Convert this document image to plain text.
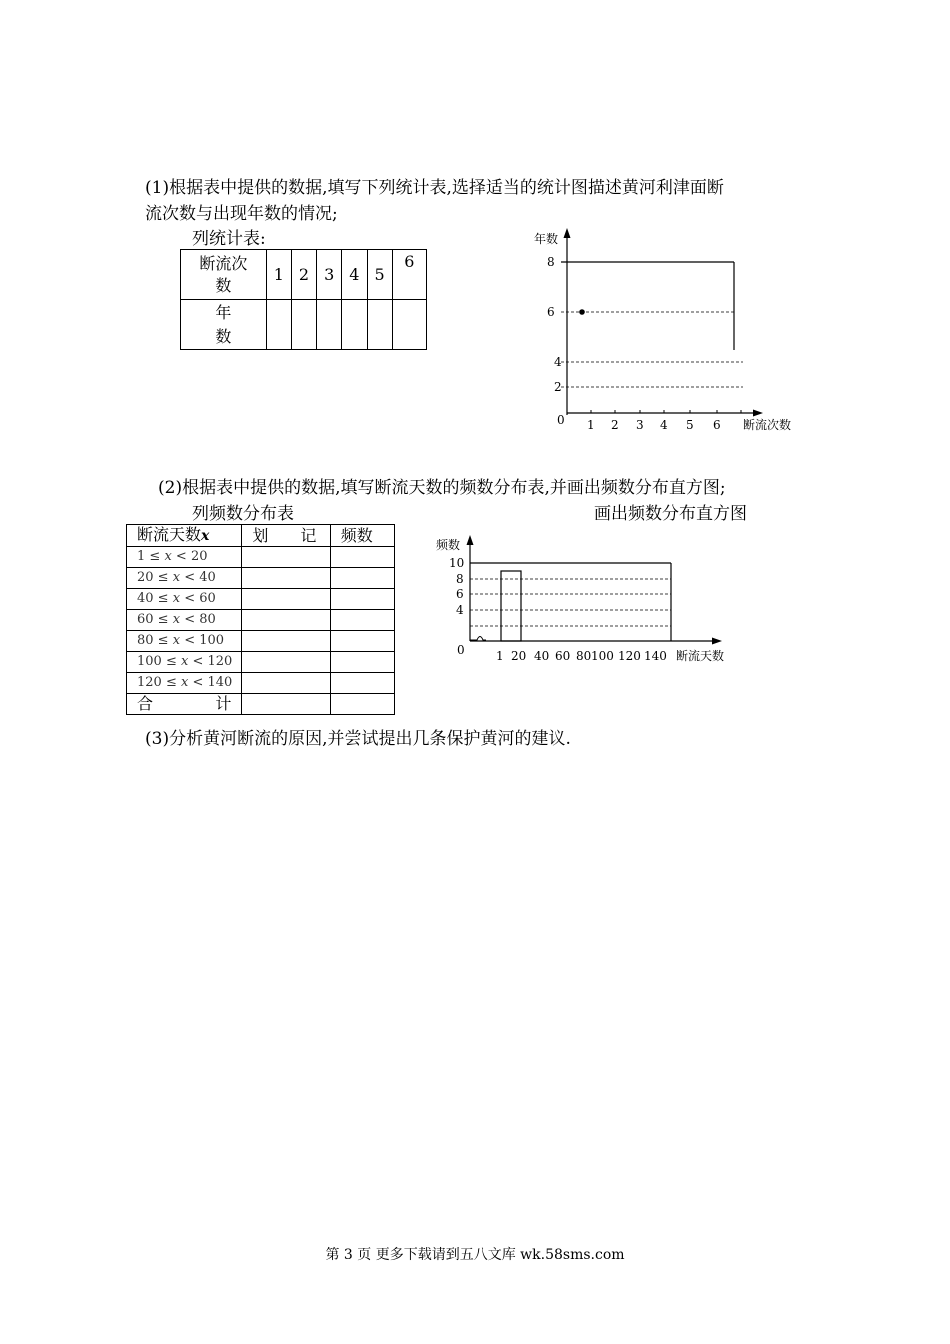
(1)根据表中提供的数据,填写下列统计表,选择适当的统计图描述黄河利津面断
流次数与出现年数的情况;
列统计表:
断流次
数	1	2	3	4	5	6
年
数						
年数
8
6
4
2
0 1 2 3 4 5 6 断流次数
(2)根据表中提供的数据,填写断流天数的频数分布表,并画出频数分布直方图;
列频数分布表	画出频数分布直方图
断流天数x	划　　记	频数
1 ≤ x < 20		
20 ≤ x < 40		
40 ≤ x < 60		
60 ≤ x < 80		
80 ≤ x < 100		
100 ≤ x < 120		
120 ≤ x < 140		
合 计		

频数
10
8
6
4
0	1 20 40 60 80 100 120 140 断流天数
(3)分析黄河断流的原因,并尝试提出几条保护黄河的建议.
第 3 页 更多下载请到五八文库 wk.58sms.com
